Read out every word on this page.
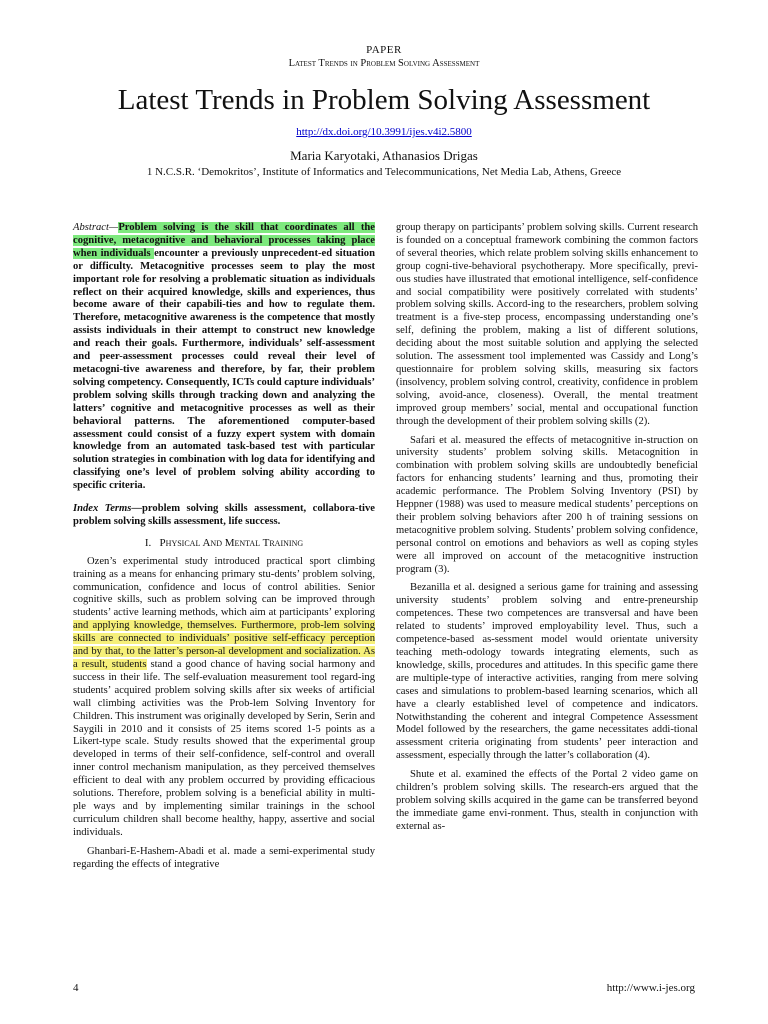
PAPER
Latest Trends in Problem Solving Assessment
Latest Trends in Problem Solving Assessment
http://dx.doi.org/10.3991/ijes.v4i2.5800
Maria Karyotaki, Athanasios Drigas
1 N.C.S.R. ‘Demokritos’, Institute of Informatics and Telecommunications, Net Media Lab, Athens, Greece

Abstract—Problem solving is the skill that coordinates all the cognitive, metacognitive and behavioral processes taking place when individuals encounter a previously unprecedent-ed situation or difficulty. Metacognitive processes seem to play the most important role for resolving a problematic situation as individuals reflect on their acquired knowledge, skills and experiences, thus become aware of their capabili-ties and how to regulate them. Therefore, metacognitive awareness is the competence that mostly assists individuals in their attempt to construct new knowledge and reach their goals. Furthermore, individuals’ self-assessment and peer-assessment processes could reveal their level of metacogni-tive awareness and therefore, by far, their problem solving competency. Consequently, ICTs could capture individuals’ problem solving skills through tracking down and analyzing the latters’ cognitive and metacognitive processes as well as their behavioral patterns. The aforementioned computer-based assessment could consist of a fuzzy expert system with domain knowledge from an automated task-based test with particular solution strategies in combination with log data for identifying and classifying one’s level of problem solving ability according to specific criteria.

Index Terms—problem solving skills assessment, collabora-tive problem solving skills assessment, life success.

I. Physical And Mental Training

Ozen’s experimental study introduced practical sport climbing training as a means for enhancing primary stu-dents’ problem solving, communication, confidence and locus of control abilities. Senior cognitive skills, such as problem solving can be improved through students’ active learning methods, which aim at participants’ exploring and applying knowledge, themselves. Furthermore, prob-lem solving skills are connected to individuals’ positive self-efficacy perception and by that, to the latter’s person-al development and socialization. As a result, students stand a good chance of having social harmony and success in their life. The self-evaluation measurement tool regard-ing students’ acquired problem solving skills after six weeks of artificial wall climbing activities was the Prob-lem Solving Inventory for Children. This instrument was originally developed by Serin, Serin and Saygili in 2010 and it consists of 25 items scored 1-5 points as a Likert-type scale. Study results showed that the experimental group developed in terms of their self-confidence, self-control and overall inner control mechanism manipulation, as they perceived themselves efficient to deal with any problem occurred by providing efficacious solutions. Therefore, problem solving is a beneficial ability in multi-ple ways and by implementing similar trainings in the school curriculum children shall become healthy, happy, assertive and social individuals.

Ghanbari-E-Hashem-Abadi et al. made a semi-experimental study regarding the effects of integrative

group therapy on participants’ problem solving skills. Current research is founded on a conceptual framework combining the common factors of several theories, which relate problem solving skills enhancement to group cogni-tive-behavioral psychotherapy. More specifically, previ-ous studies have illustrated that emotional intelligence, self-confidence and social compatibility were positively correlated with students’ problem solving skills. Accord-ing to the researchers, problem solving treatment is a five-step process, encompassing understanding one’s self, defining the problem, making a list of different solutions, deciding about the most suitable solution and applying the selected solution. The assessment tool implemented was Cassidy and Long’s questionnaire for problem solving skills, measuring six factors (insolvency, problem solving control, creativity, confidence in problem solving, avoid-ance, closeness). Overall, the mental treatment improved group members’ social, mental and occupational function through the development of their problem solving skills (2).

Safari et al. measured the effects of metacognitive in-struction on university students’ problem solving skills. Metacognition in combination with problem solving skills are undoubtedly beneficial factors for enhancing students’ learning and thus, promoting their academic performance. The Problem Solving Inventory (PSI) by Heppner (1988) was used to measure medical students’ perceptions on their problem solving behaviors after 200 h of training sessions on metacognitive problem solving. Students’ problem solving confidence, personal control on emotions and behaviors as well as coping styles were all improved on account of the metacognitive instruction program (3).

Bezanilla et al. designed a serious game for training and assessing university students’ problem solving and entre-preneurship competences. These two competences are transversal and have been related to students’ improved employability level. Thus, such a competence-based as-sessment model would orientate university teaching meth-odology towards integrating elements, such as knowledge, skills, procedures and attitudes. In this specific game there are multiple-type of interactive activities, ranging from mere solving cases and simulations to problem-based learning scenarios, which all have a clearly established level of competence and indicators. Notwithstanding the coherent and integral Competence Assessment Model followed by the researchers, the game necessitates addi-tional assessment criteria originating from students’ peer interaction and assessment, especially through the latter’s collaboration (4).

Shute et al. examined the effects of the Portal 2 video game on children’s problem solving skills. The research-ers argued that the problem solving skills acquired in the game can be transferred beyond the immediate game envi-ronment. Thus, stealth in conjunction with external as-

4	http://www.i-jes.org
